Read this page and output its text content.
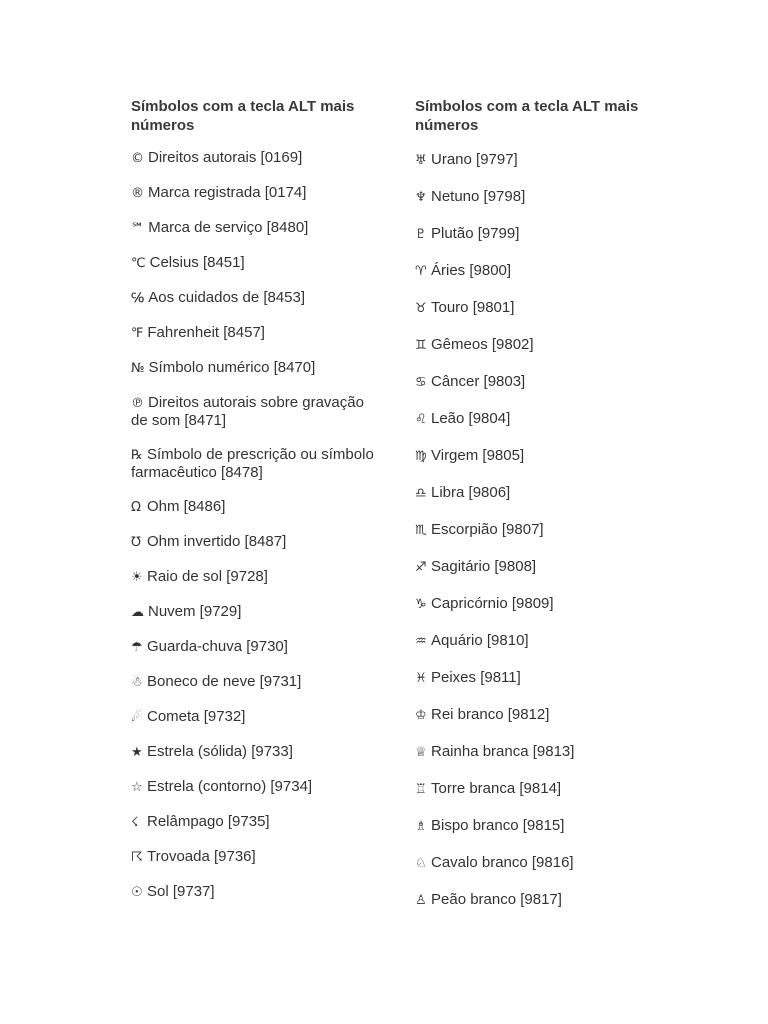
Símbolos com a tecla ALT mais números
© Direitos autorais [0169]
® Marca registrada [0174]
℠ Marca de serviço [8480]
℃ Celsius [8451]
℅ Aos cuidados de [8453]
℉ Fahrenheit [8457]
№ Símbolo numérico [8470]
℗ Direitos autorais sobre gravação de som [8471]
℞ Símbolo de prescrição ou símbolo farmacêutico [8478]
Ω Ohm [8486]
℧ Ohm invertido [8487]
☀ Raio de sol [9728]
☁ Nuvem [9729]
☂ Guarda-chuva [9730]
☃ Boneco de neve [9731]
☄ Cometa [9732]
★ Estrela (sólida) [9733]
☆ Estrela (contorno) [9734]
☇ Relâmpago [9735]
☈ Trovoada [9736]
☉ Sol [9737]
Símbolos com a tecla ALT mais números
♅ Urano [9797]
♆ Netuno [9798]
♇ Plutão [9799]
♈ Áries [9800]
♉ Touro [9801]
♊ Gêmeos [9802]
♋ Câncer [9803]
♌ Leão [9804]
♍ Virgem [9805]
♎ Libra [9806]
♏ Escorpião [9807]
♐ Sagitário [9808]
♑ Capricórnio [9809]
♒ Aquário [9810]
♓ Peixes [9811]
♔ Rei branco [9812]
♕ Rainha branca [9813]
♖ Torre branca [9814]
♗ Bispo branco [9815]
♘ Cavalo branco [9816]
♙ Peão branco [9817]
